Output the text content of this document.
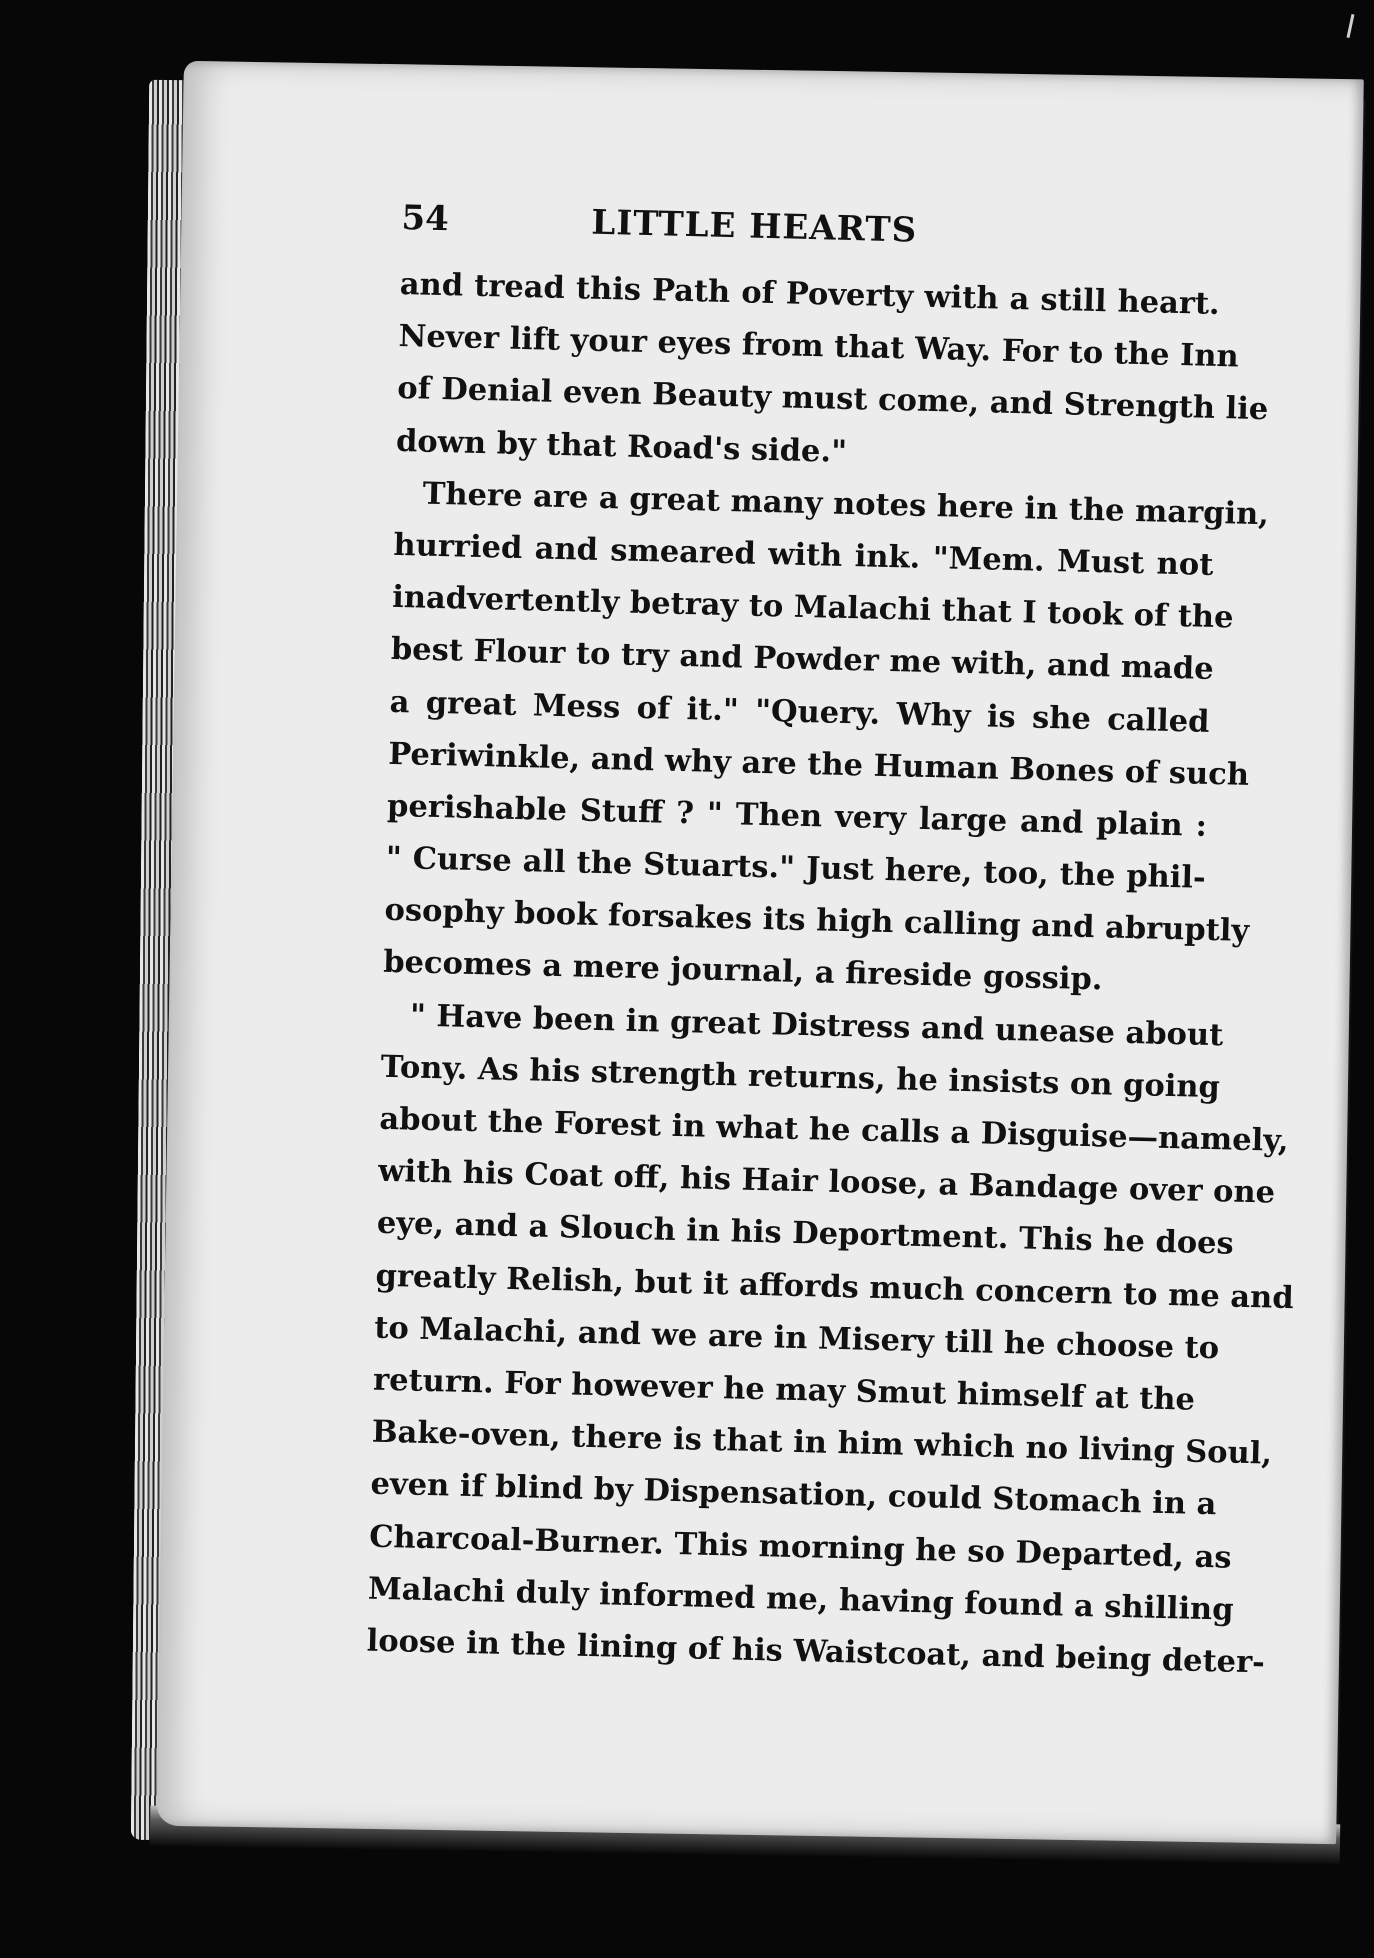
54	LITTLE HEARTS
and tread this Path of Poverty with a still heart.
Never lift your eyes from that Way. For to the Inn
of Denial even Beauty must come, and Strength lie
down by that Road's side."
There are a great many notes here in the margin,
hurried and smeared with ink. "Mem. Must not
inadvertently betray to Malachi that I took of the
best Flour to try and Powder me with, and made
a great Mess of it." "Query. Why is she called
Periwinkle, and why are the Human Bones of such
perishable Stuff ? " Then very large and plain :
" Curse all the Stuarts." Just here, too, the phil-
osophy book forsakes its high calling and abruptly
becomes a mere journal, a fireside gossip.
" Have been in great Distress and unease about
Tony. As his strength returns, he insists on going
about the Forest in what he calls a Disguise—namely,
with his Coat off, his Hair loose, a Bandage over one
eye, and a Slouch in his Deportment. This he does
greatly Relish, but it affords much concern to me and
to Malachi, and we are in Misery till he choose to
return. For however he may Smut himself at the
Bake-oven, there is that in him which no living Soul,
even if blind by Dispensation, could Stomach in a
Charcoal-Burner. This morning he so Departed, as
Malachi duly informed me, having found a shilling
loose in the lining of his Waistcoat, and being deter-
